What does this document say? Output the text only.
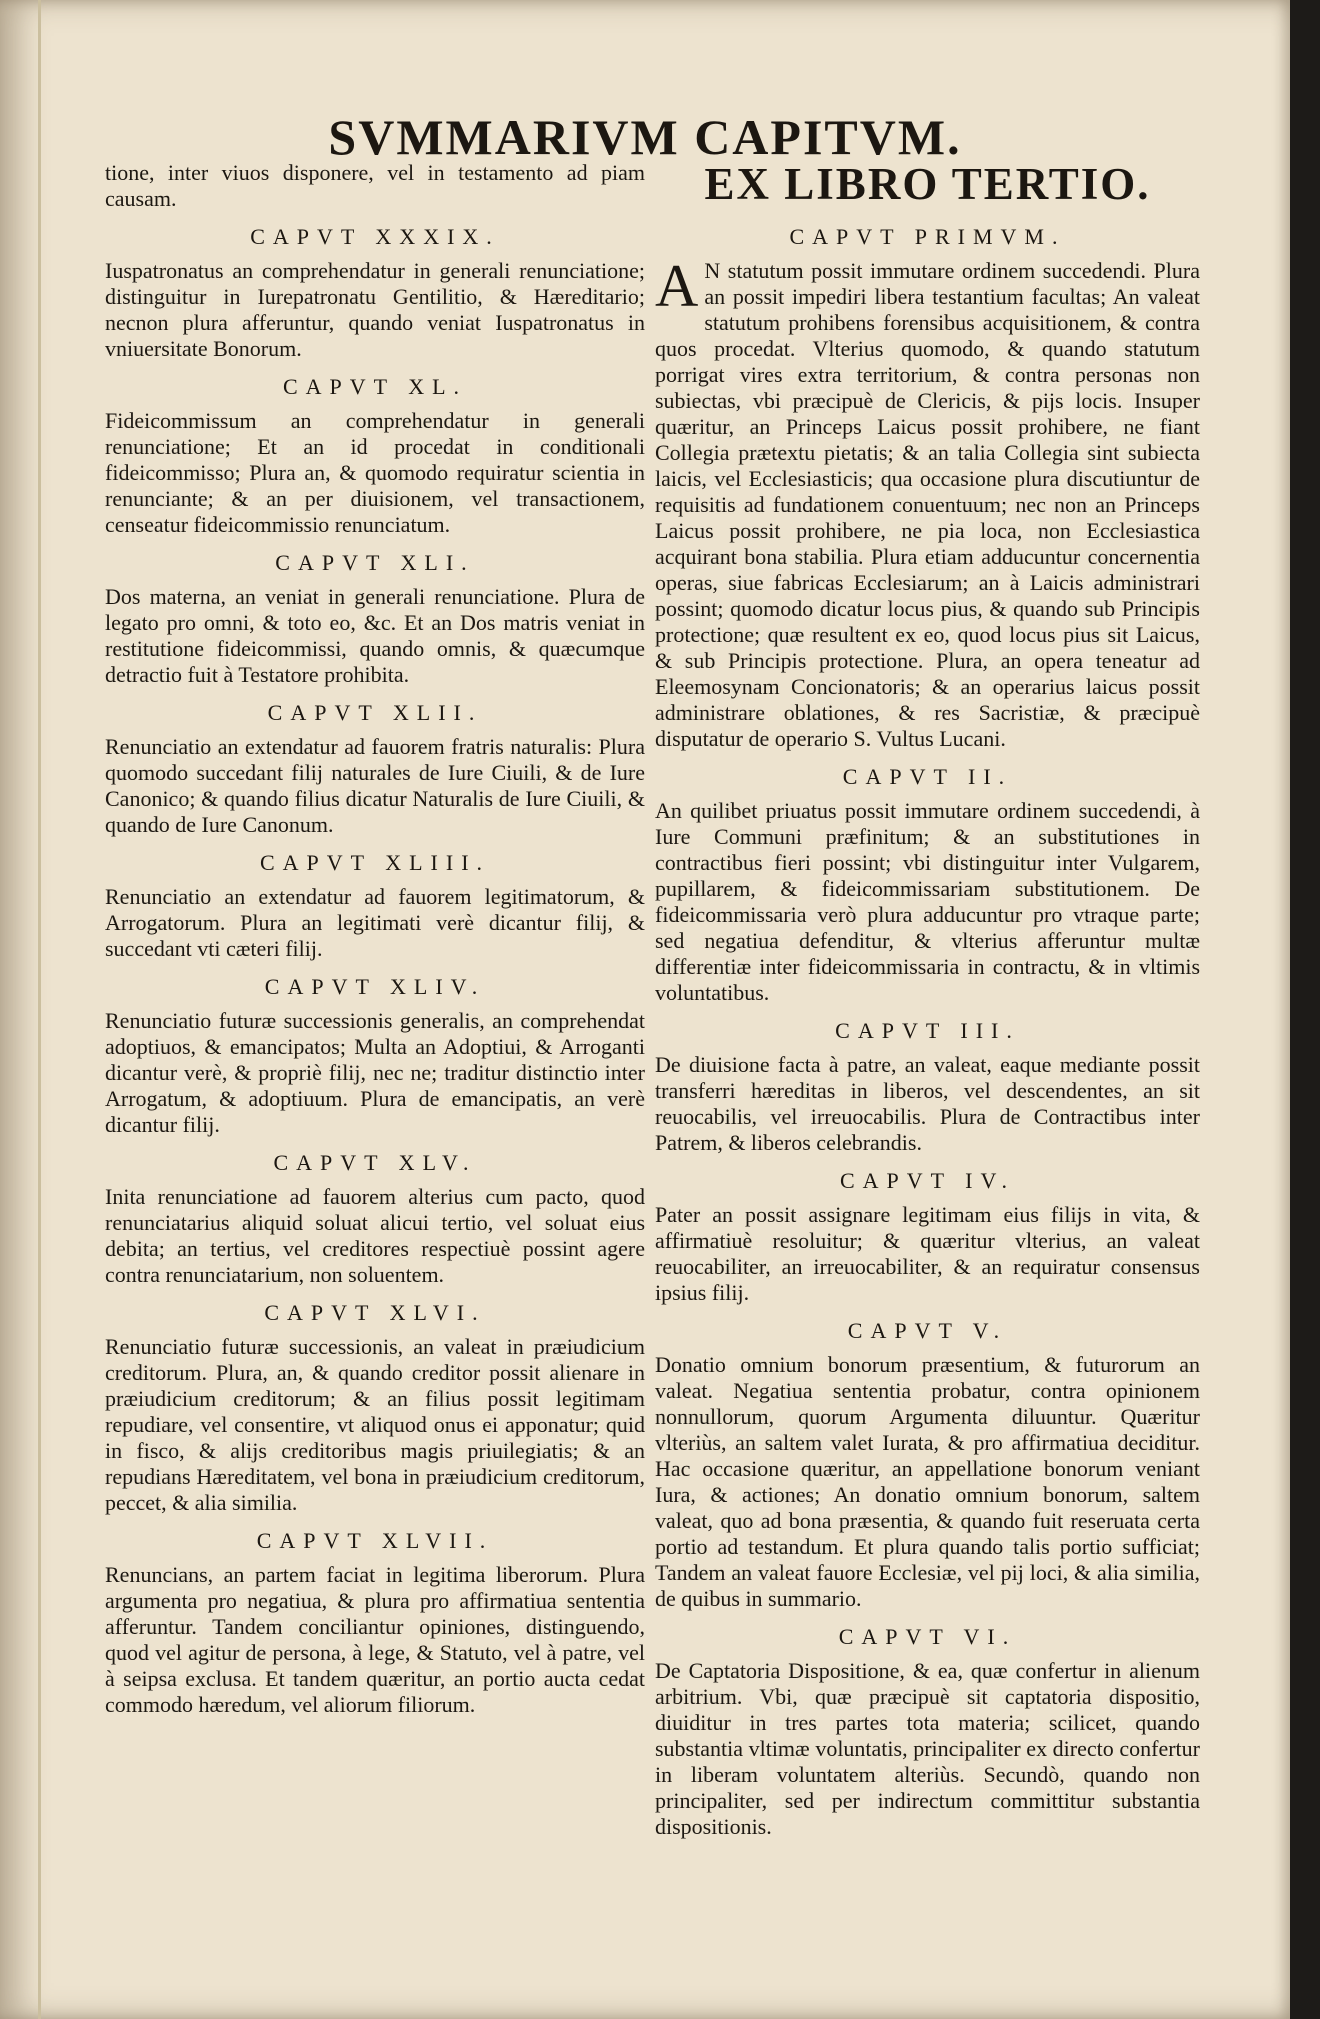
SVMMARIVM CAPITVM.

tione, inter viuos disponere, vel in testamento ad piam causam.

CAPVT XXXIX.

Iuspatronatus an comprehendatur in generali renunciatione; distinguitur in Iurepatronatu Gentilitio, & Hæreditario; necnon plura afferuntur, quando veniat Iuspatronatus in vniuersitate Bonorum.

CAPVT XL.

Fideicommissum an comprehendatur in generali renunciatione; Et an id procedat in conditionali fideicommisso; Plura an, & quomodo requiratur scientia in renunciante; & an per diuisionem, vel transactionem, censeatur fideicommissio renunciatum.

CAPVT XLI.

Dos materna, an veniat in generali renunciatione. Plura de legato pro omni, & toto eo, &c. Et an Dos matris veniat in restitutione fideicommissi, quando omnis, & quæcumque detractio fuit à Testatore prohibita.

CAPVT XLII.

Renunciatio an extendatur ad fauorem fratris naturalis: Plura quomodo succedant filij naturales de Iure Ciuili, & de Iure Canonico; & quando filius dicatur Naturalis de Iure Ciuili, & quando de Iure Canonum.

CAPVT XLIII.

Renunciatio an extendatur ad fauorem legitimatorum, & Arrogatorum. Plura an legitimati verè dicantur filij, & succedant vti cæteri filij.

CAPVT XLIV.

Renunciatio futuræ successionis generalis, an comprehendat adoptiuos, & emancipatos; Multa an Adoptiui, & Arroganti dicantur verè, & propriè filij, nec ne; traditur distinctio inter Arrogatum, & adoptiuum. Plura de emancipatis, an verè dicantur filij.

CAPVT XLV.

Inita renunciatione ad fauorem alterius cum pacto, quod renunciatarius aliquid soluat alicui tertio, vel soluat eius debita; an tertius, vel creditores respectiuè possint agere contra renunciatarium, non soluentem.

CAPVT XLVI.

Renunciatio futuræ successionis, an valeat in præiudicium creditorum. Plura, an, & quando creditor possit alienare in præiudicium creditorum; & an filius possit legitimam repudiare, vel consentire, vt aliquod onus ei apponatur; quid in fisco, & alijs creditoribus magis priuilegiatis; & an repudians Hæreditatem, vel bona in præiudicium creditorum, peccet, & alia similia.

CAPVT XLVII.

Renuncians, an partem faciat in legitima liberorum. Plura argumenta pro negatiua, & plura pro affirmatiua sententia afferuntur. Tandem conciliantur opiniones, distinguendo, quod vel agitur de persona, à lege, & Statuto, vel à patre, vel à seipsa exclusa. Et tandem quæritur, an portio aucta cedat commodo hæredum, vel aliorum filiorum.

EX LIBRO TERTIO.
CAPVT PRIMVM.

A N statutum possit immutare ordinem succedendi. Plura an possit impediri libera testantium facultas; An valeat statutum prohibens forensibus acquisitionem, & contra quos procedat. Vlterius quomodo, & quando statutum porrigat vires extra territorium, & contra personas non subiectas, vbi præcipuè de Clericis, & pijs locis. Insuper quæritur, an Princeps Laicus possit prohibere, ne fiant Collegia prætextu pietatis; & an talia Collegia sint subiecta laicis, vel Ecclesiasticis; qua occasione plura discutiuntur de requisitis ad fundationem conuentuum; nec non an Princeps Laicus possit prohibere, ne pia loca, non Ecclesiastica acquirant bona stabilia. Plura etiam adducuntur concernentia operas, siue fabricas Ecclesiarum; an à Laicis administrari possint; quomodo dicatur locus pius, & quando sub Principis protectione; quæ resultent ex eo, quod locus pius sit Laicus, & sub Principis protectione. Plura, an opera teneatur ad Eleemosynam Concionatoris; & an operarius laicus possit administrare oblationes, & res Sacristiæ, & præcipuè disputatur de operario S. Vultus Lucani.

CAPVT II.

An quilibet priuatus possit immutare ordinem succedendi, à Iure Communi præfinitum; & an substitutiones in contractibus fieri possint; vbi distinguitur inter Vulgarem, pupillarem, & fideicommissariam substitutionem. De fideicommissaria verò plura adducuntur pro vtraque parte; sed negatiua defenditur, & vlterius afferuntur multæ differentiæ inter fideicommissaria in contractu, & in vltimis voluntatibus.

CAPVT III.

De diuisione facta à patre, an valeat, eaque mediante possit transferri hæreditas in liberos, vel descendentes, an sit reuocabilis, vel irreuocabilis. Plura de Contractibus inter Patrem, & liberos celebrandis.

CAPVT IV.

Pater an possit assignare legitimam eius filijs in vita, & affirmatiuè resoluitur; & quæritur vlterius, an valeat reuocabiliter, an irreuocabiliter, & an requiratur consensus ipsius filij.

CAPVT V.

Donatio omnium bonorum præsentium, & futurorum an valeat. Negatiua sententia probatur, contra opinionem nonnullorum, quorum Argumenta diluuntur. Quæritur vlteriùs, an saltem valet Iurata, & pro affirmatiua deciditur. Hac occasione quæritur, an appellatione bonorum veniant Iura, & actiones; An donatio omnium bonorum, saltem valeat, quo ad bona præsentia, & quando fuit reseruata certa portio ad testandum. Et plura quando talis portio sufficiat; Tandem an valeat fauore Ecclesiæ, vel pij loci, & alia similia, de quibus in summario.

CAPVT VI.

De Captatoria Dispositione, & ea, quæ confertur in alienum arbitrium. Vbi, quæ præcipuè sit captatoria dispositio, diuiditur in tres partes tota materia; scilicet, quando substantia vltimæ voluntatis, principaliter ex directo confertur in liberam voluntatem alteriùs. Secundò, quando non principaliter, sed per indirectum committitur substantia dispositionis.
